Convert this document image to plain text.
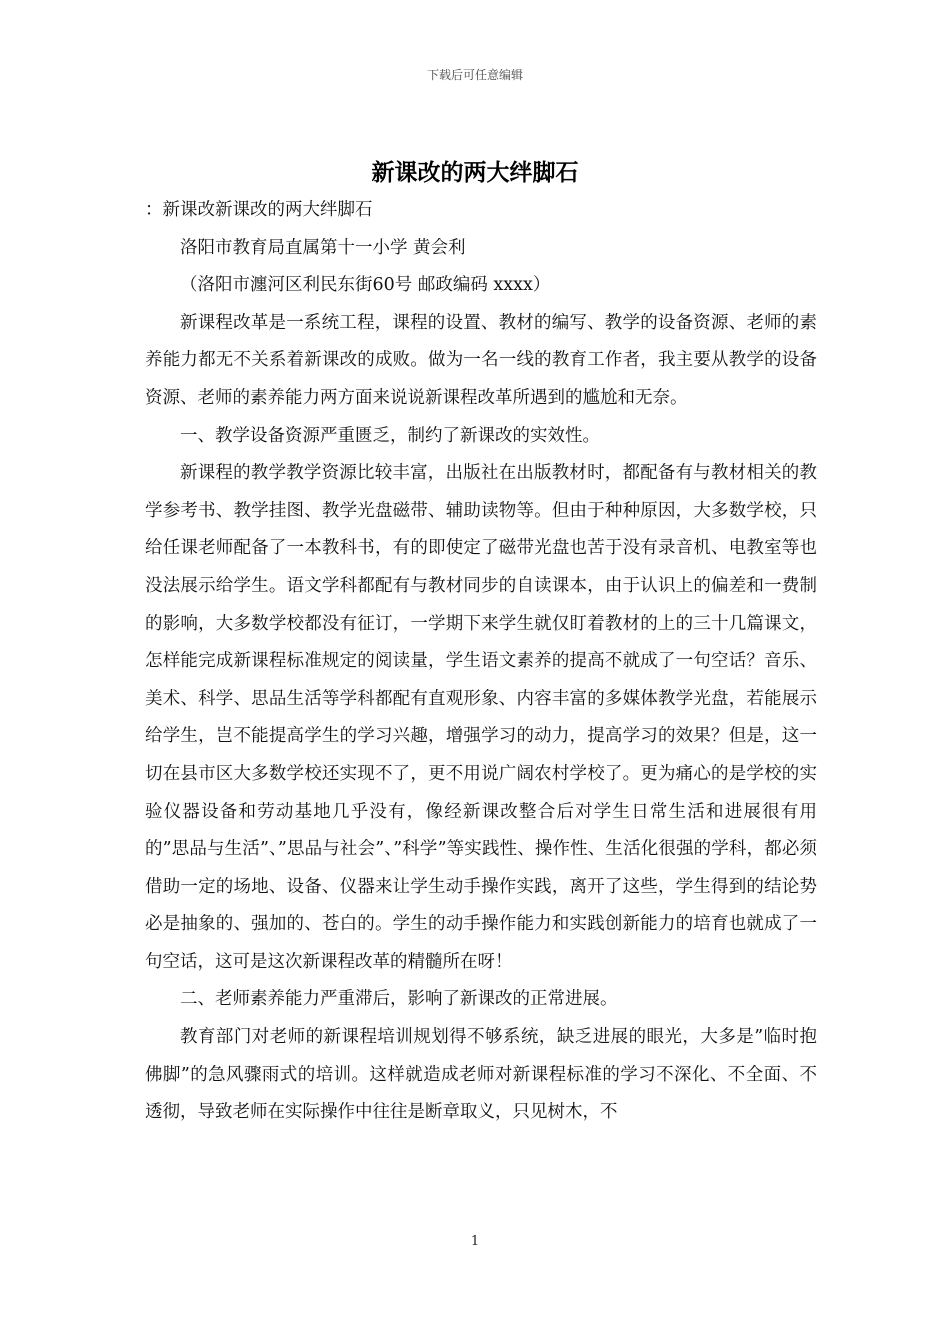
下载后可任意编辑
新课改的两大绊脚石

：新课改新课改的两大绊脚石

洛阳市教育局直属第十一小学 黄会利

（洛阳市瀍河区利民东街60号 邮政编码 xxxx）

新课程改革是一系统工程，课程的设置、教材的编写、教学的设备资源、老师的素养能力都无不关系着新课改的成败。做为一名一线的教育工作者，我主要从教学的设备资源、老师的素养能力两方面来说说新课程改革所遇到的尴尬和无奈。

一、教学设备资源严重匮乏，制约了新课改的实效性。

新课程的教学教学资源比较丰富，出版社在出版教材时，都配备有与教材相关的教学参考书、教学挂图、教学光盘磁带、辅助读物等。但由于种种原因，大多数学校，只给任课老师配备了一本教科书，有的即使定了磁带光盘也苦于没有录音机、电教室等也没法展示给学生。语文学科都配有与教材同步的自读课本，由于认识上的偏差和一费制的影响，大多数学校都没有征订，一学期下来学生就仅盯着教材的上的三十几篇课文，怎样能完成新课程标准规定的阅读量，学生语文素养的提高不就成了一句空话？音乐、美术、科学、思品生活等学科都配有直观形象、内容丰富的多媒体教学光盘，若能展示给学生，岂不能提高学生的学习兴趣，增强学习的动力，提高学习的效果？但是，这一切在县市区大多数学校还实现不了，更不用说广阔农村学校了。更为痛心的是学校的实验仪器设备和劳动基地几乎没有，像经新课改整合后对学生日常生活和进展很有用的”思品与生活”、”思品与社会”、”科学”等实践性、操作性、生活化很强的学科，都必须借助一定的场地、设备、仪器来让学生动手操作实践，离开了这些，学生得到的结论势必是抽象的、强加的、苍白的。学生的动手操作能力和实践创新能力的培育也就成了一句空话，这可是这次新课程改革的精髓所在呀！

二、老师素养能力严重滞后，影响了新课改的正常进展。

教育部门对老师的新课程培训规划得不够系统，缺乏进展的眼光，大多是”临时抱佛脚”的急风骤雨式的培训。这样就造成老师对新课程标准的学习不深化、不全面、不透彻，导致老师在实际操作中往往是断章取义，只见树木，不

1
